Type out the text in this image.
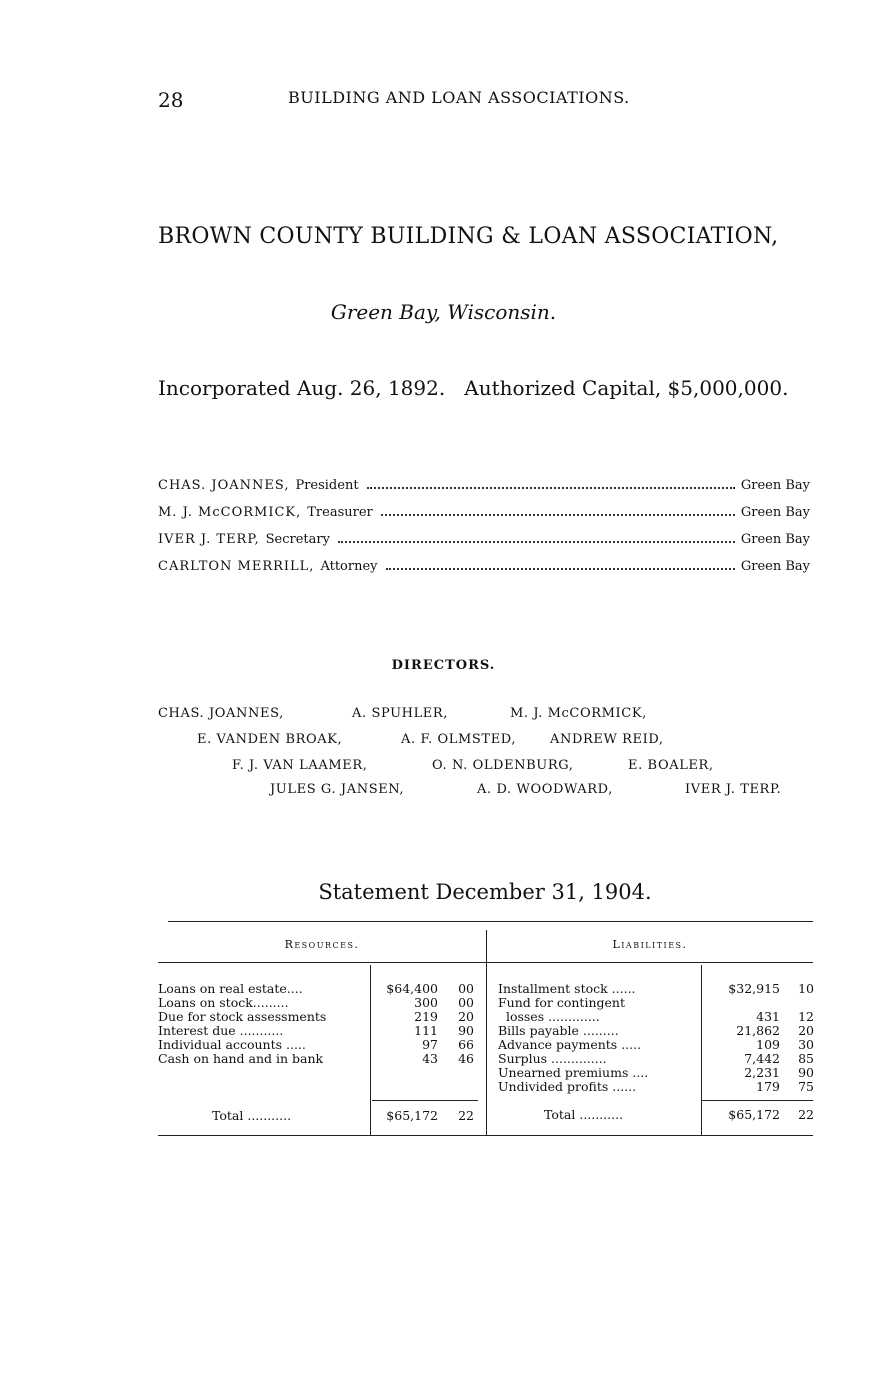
28	BUILDING AND LOAN ASSOCIATIONS.
BROWN COUNTY BUILDING & LOAN ASSOCIATION,
Green Bay, Wisconsin.
Incorporated Aug. 26, 1892.   Authorized Capital, $5,000,000.
CHAS. JOANNES, President	Green Bay
M. J. McCORMICK, Treasurer	Green Bay
IVER J. TERP, Secretary	Green Bay
CARLTON MERRILL, Attorney	Green Bay
DIRECTORS.
CHAS. JOANNES,	A. SPUHLER,	M. J. McCORMICK,
E. VANDEN BROAK,	A. F. OLMSTED,	ANDREW REID,
F. J. VAN LAAMER,	O. N. OLDENBURG,	E. BOALER,
JULES G. JANSEN,	A. D. WOODWARD,	IVER J. TERP.
Statement December 31, 1904.
Resources.	Liabilities.
Loans on real estate....	$64,400	00
Loans on stock.........	300	00
Due for stock assessments	219	20
Interest due ...........	111	90
Individual accounts .....	97	66
Cash on hand and in bank	43	46
Total ...........	$65,172	22
Installment stock ......	$32,915	10
Fund for contingent
losses .............	431	12
Bills payable .........	21,862	20
Advance payments .....	109	30
Surplus ..............	7,442	85
Unearned premiums ....	2,231	90
Undivided profits ......	179	75
Total ...........	$65,172	22
